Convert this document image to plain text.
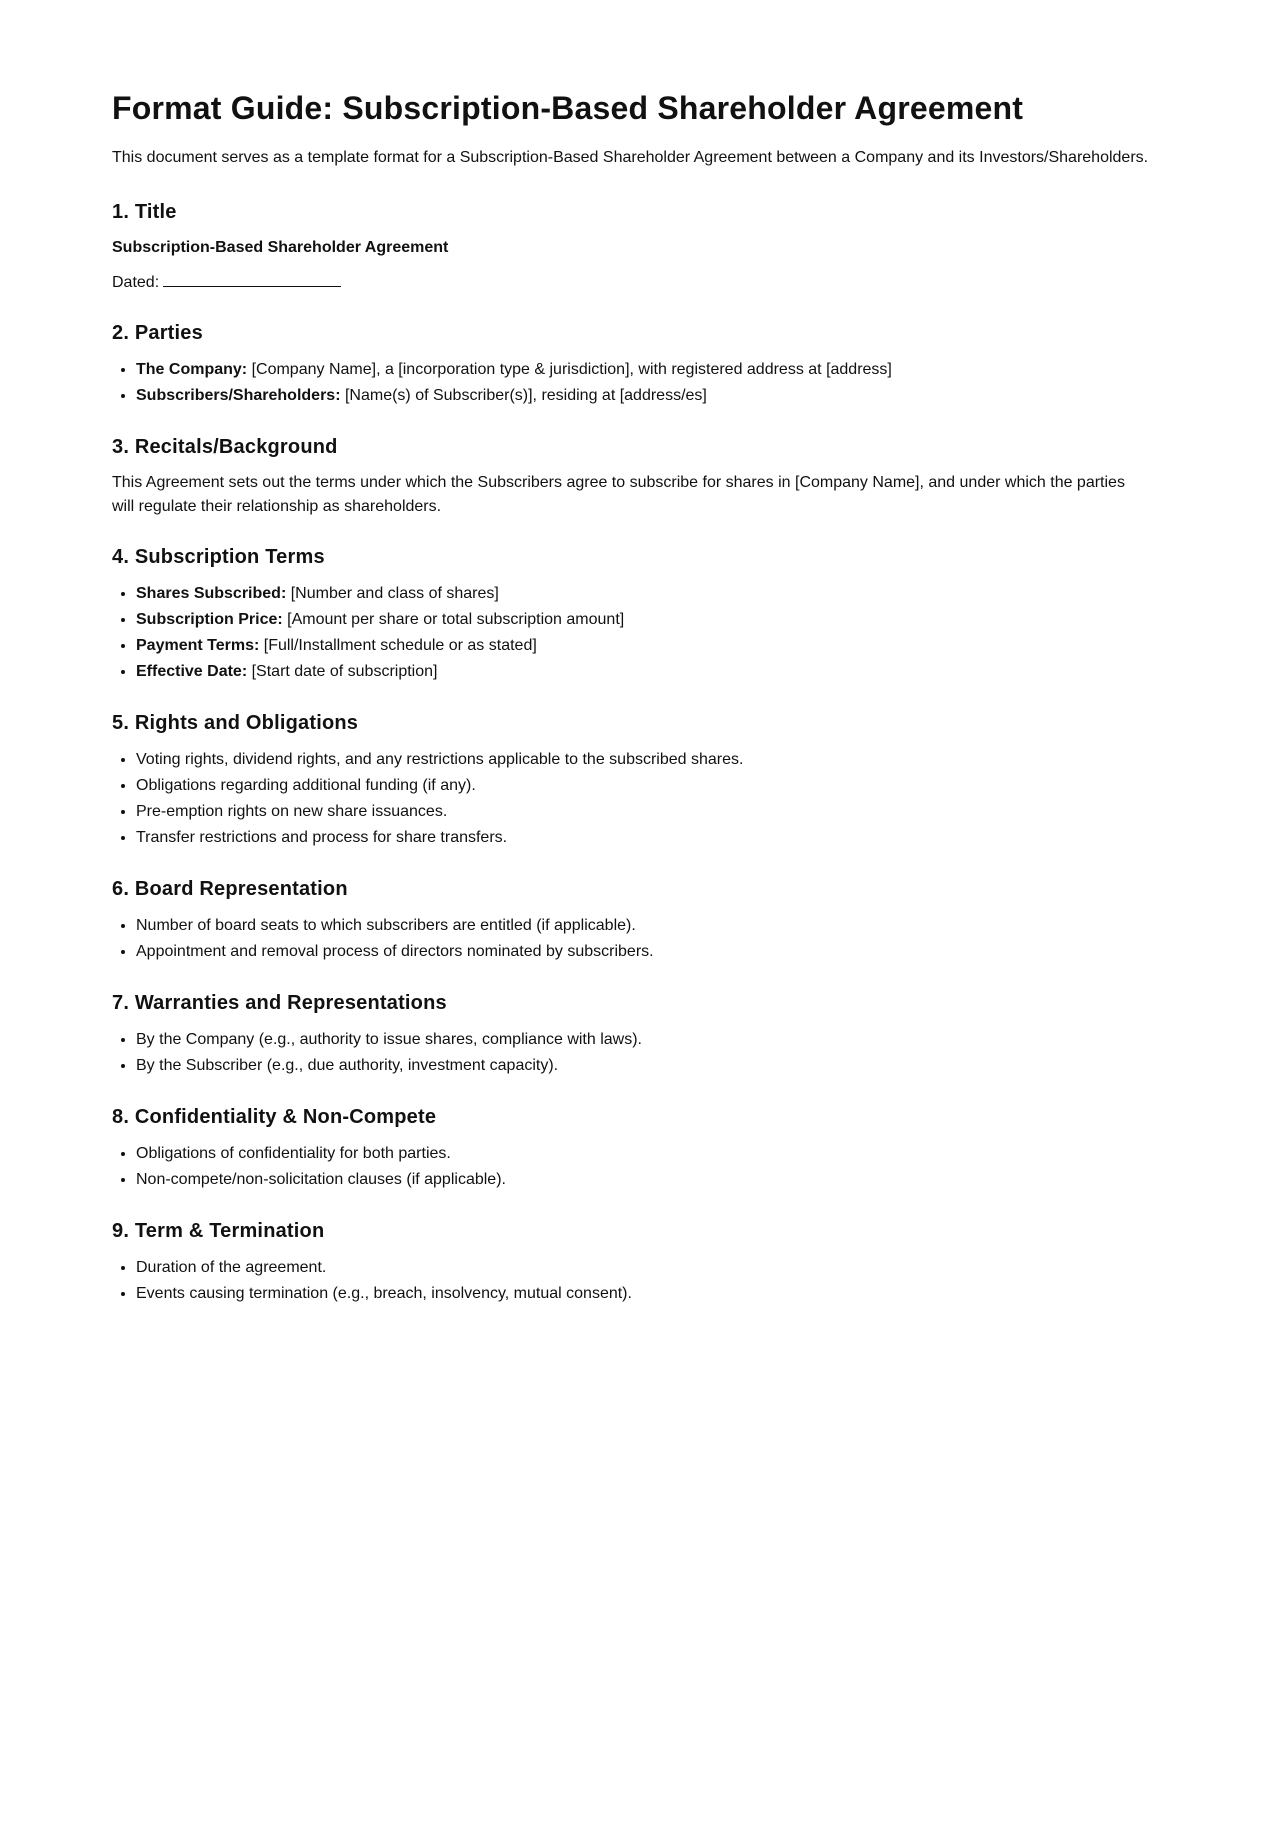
Format Guide: Subscription-Based Shareholder Agreement

This document serves as a template format for a Subscription-Based Shareholder Agreement between a Company and its Investors/Shareholders.

1. Title
Subscription-Based Shareholder Agreement

Dated:

2. Parties
• The Company: [Company Name], a [incorporation type & jurisdiction], with registered address at [address]
• Subscribers/Shareholders: [Name(s) of Subscriber(s)], residing at [address/es]
3. Recitals/Background

This Agreement sets out the terms under which the Subscribers agree to subscribe for shares in [Company Name], and under which the parties will regulate their relationship as shareholders.

4. Subscription Terms
• Shares Subscribed: [Number and class of shares]
• Subscription Price: [Amount per share or total subscription amount]
• Payment Terms: [Full/Installment schedule or as stated]
• Effective Date: [Start date of subscription]
5. Rights and Obligations
• Voting rights, dividend rights, and any restrictions applicable to the subscribed shares.
• Obligations regarding additional funding (if any).
• Pre-emption rights on new share issuances.
• Transfer restrictions and process for share transfers.
6. Board Representation
• Number of board seats to which subscribers are entitled (if applicable).
• Appointment and removal process of directors nominated by subscribers.
7. Warranties and Representations
• By the Company (e.g., authority to issue shares, compliance with laws).
• By the Subscriber (e.g., due authority, investment capacity).
8. Confidentiality & Non-Compete
• Obligations of confidentiality for both parties.
• Non-compete/non-solicitation clauses (if applicable).
9. Term & Termination
• Duration of the agreement.
• Events causing termination (e.g., breach, insolvency, mutual consent).
